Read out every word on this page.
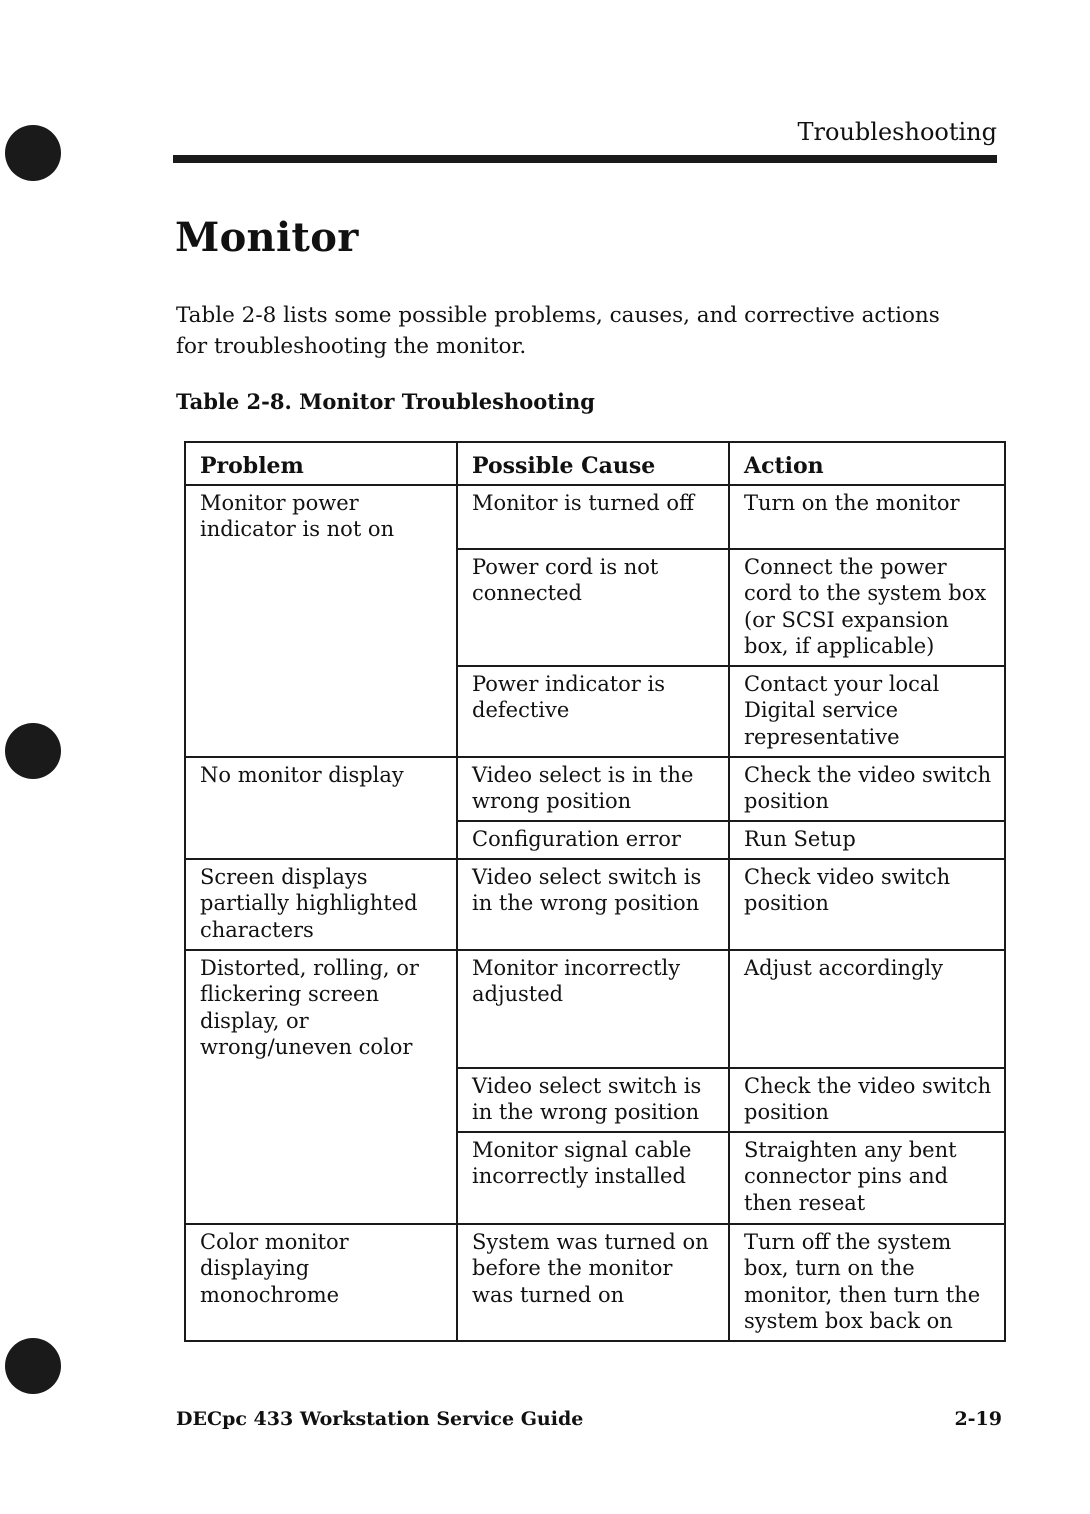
Troubleshooting
Monitor

Table 2-8 lists some possible problems, causes, and corrective actions for troubleshooting the monitor.

Table 2-8. Monitor Troubleshooting
Problem	Possible Cause	Action
Monitor power indicator is not on	Monitor is turned off	Turn on the monitor
	Power cord is not connected	Connect the power cord to the system box (or SCSI expansion box, if applicable)
	Power indicator is defective	Contact your local Digital service representative
No monitor display	Video select is in the wrong position	Check the video switch position
	Configuration error	Run Setup
Screen displays partially highlighted characters	Video select switch is in the wrong position	Check video switch position
Distorted, rolling, or flickering screen display, or wrong/uneven color	Monitor incorrectly adjusted	Adjust accordingly
	Video select switch is in the wrong position	Check the video switch position
	Monitor signal cable incorrectly installed	Straighten any bent connector pins and then reseat
Color monitor displaying monochrome	System was turned on before the monitor was turned on	Turn off the system box, turn on the monitor, then turn the system box back on
DECpc 433 Workstation Service Guide	2-19
